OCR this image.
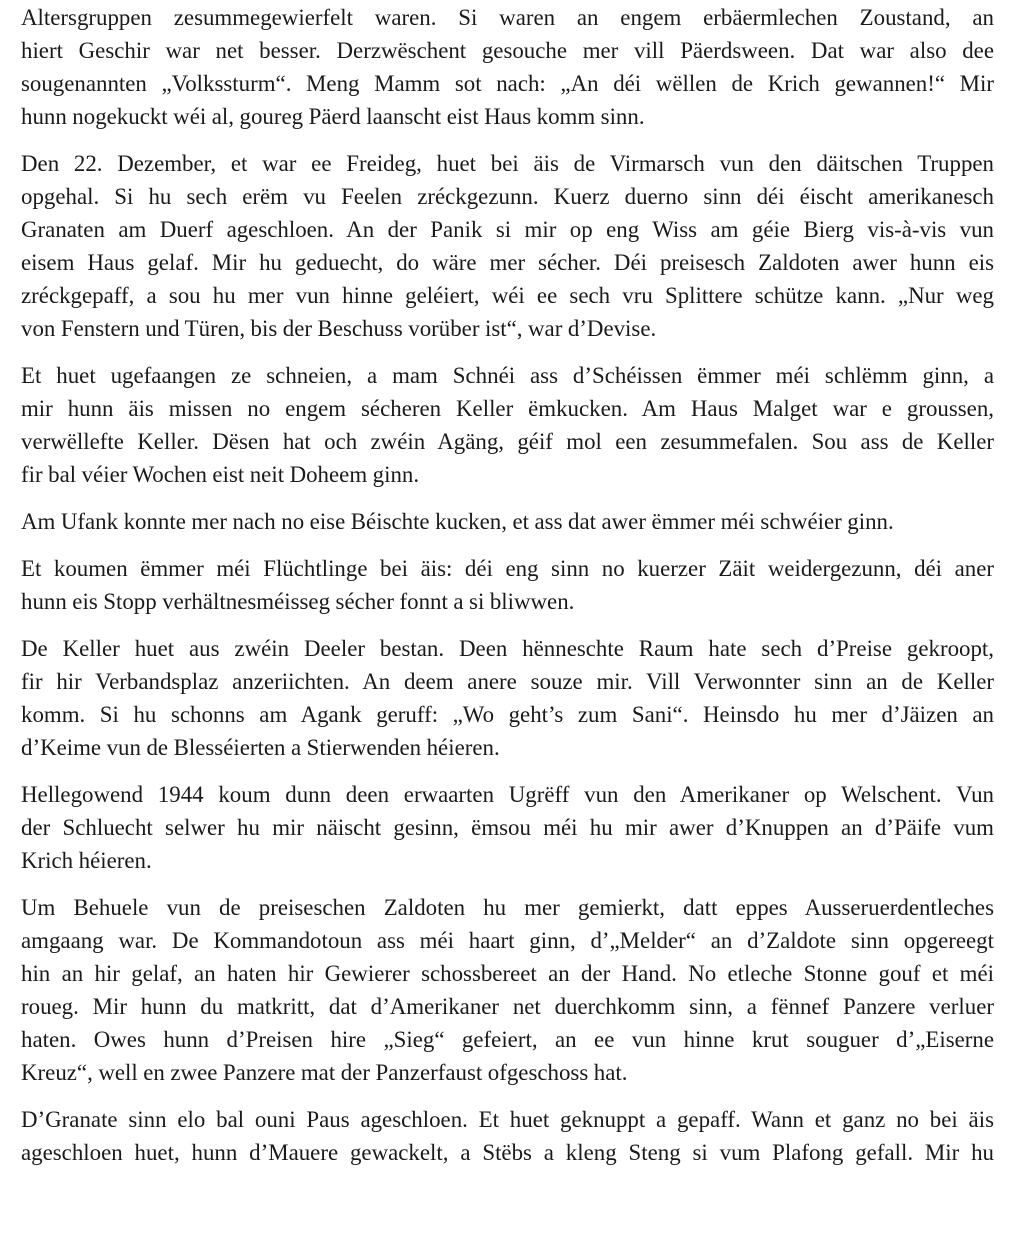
Altersgruppen zesummegewierfelt waren. Si waren an engem erbäermlechen Zoustand, an
hiert Geschir war net besser. Derzwëschent gesouche mer vill Päerdsween. Dat war also dee
sougenannten „Volkssturm“. Meng Mamm sot nach: „An déi wëllen de Krich gewannen!“ Mir
hunn nogekuckt wéi al, goureg Päerd laanscht eist Haus komm sinn.
Den 22. Dezember, et war ee Freideg, huet bei äis de Virmarsch vun den däitschen Truppen
opgehal. Si hu sech erëm vu Feelen zréckgezunn. Kuerz duerno sinn déi éischt amerikanesch
Granaten am Duerf ageschloen. An der Panik si mir op eng Wiss am géie Bierg vis-à-vis vun
eisem Haus gelaf. Mir hu geduecht, do wäre mer sécher. Déi preisesch Zaldoten awer hunn eis
zréckgepaff, a sou hu mer vun hinne geléiert, wéi ee sech vru Splittere schütze kann. „Nur weg
von Fenstern und Türen, bis der Beschuss vorüber ist“, war d’Devise.
Et huet ugefaangen ze schneien, a mam Schnéi ass d’Schéissen ëmmer méi schlëmm ginn, a
mir hunn äis missen no engem sécheren Keller ëmkucken. Am Haus Malget war e groussen,
verwëllefte Keller. Dësen hat och zwéin Agäng, géif mol een zesummefalen. Sou ass de Keller
fir bal véier Wochen eist neit Doheem ginn.
Am Ufank konnte mer nach no eise Béischte kucken, et ass dat awer ëmmer méi schwéier ginn.
Et koumen ëmmer méi Flüchtlinge bei äis: déi eng sinn no kuerzer Zäit weidergezunn, déi aner
hunn eis Stopp verhältnesméisseg sécher fonnt a si bliwwen.
De Keller huet aus zwéin Deeler bestan. Deen hënneschte Raum hate sech d’Preise gekroopt,
fir hir Verbandsplaz anzeriichten. An deem anere souze mir. Vill Verwonnter sinn an de Keller
komm. Si hu schonns am Agank geruff: „Wo geht’s zum Sani“. Heinsdo hu mer d’Jäizen an
d’Keime vun de Blesséierten a Stierwenden héieren.
Hellegowend 1944 koum dunn deen erwaarten Ugrëff vun den Amerikaner op Welschent. Vun
der Schluecht selwer hu mir näischt gesinn, ëmsou méi hu mir awer d’Knuppen an d’Päife vum
Krich héieren.
Um Behuele vun de preiseschen Zaldoten hu mer gemierkt, datt eppes Ausseruerdentleches
amgaang war. De Kommandotoun ass méi haart ginn, d’„Melder“ an d’Zaldote sinn opgereegt
hin an hir gelaf, an haten hir Gewierer schossbereet an der Hand. No etleche Stonne gouf et méi
roueg. Mir hunn du matkritt, dat d’Amerikaner net duerchkomm sinn, a fënnef Panzere verluer
haten. Owes hunn d’Preisen hire „Sieg“ gefeiert, an ee vun hinne krut souguer d’„Eiserne
Kreuz“, well en zwee Panzere mat der Panzerfaust ofgeschoss hat.
D’Granate sinn elo bal ouni Paus ageschloen. Et huet geknuppt a gepaff. Wann et ganz no bei äis
ageschloen huet, hunn d’Mauere gewackelt, a Stëbs a kleng Steng si vum Plafong gefall. Mir hu
